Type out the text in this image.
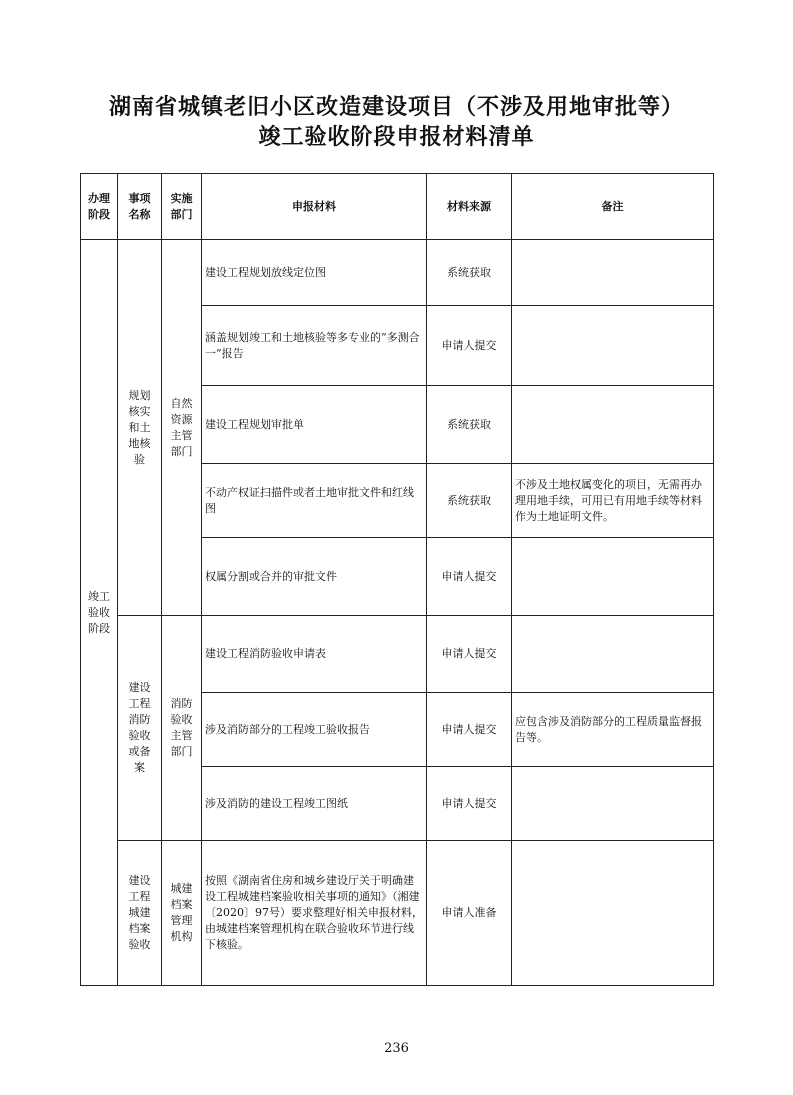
湖南省城镇老旧小区改造建设项目（不涉及用地审批等）
竣工验收阶段申报材料清单
办理阶段	事项名称	实施部门	申报材料	材料来源	备注
竣工验收阶段	规划核实和土地核验	自然资源主管部门	建设工程规划放线定位图	系统获取	
			涵盖规划竣工和土地核验等多专业的“多测合一”报告	申请人提交	
			建设工程规划审批单	系统获取	
			不动产权证扫描件或者土地审批文件和红线图	系统获取	不涉及土地权属变化的项目，无需再办理用地手续，可用已有用地手续等材料作为土地证明文件。
			权属分割或合并的审批文件	申请人提交	
	建设工程消防验收或备案	消防验收主管部门	建设工程消防验收申请表	申请人提交	
			涉及消防部分的工程竣工验收报告	申请人提交	应包含涉及消防部分的工程质量监督报告等。
			涉及消防的建设工程竣工图纸	申请人提交	
	建设工程城建档案验收	城建档案管理机构	按照《湖南省住房和城乡建设厅关于明确建设工程城建档案验收相关事项的通知》（湘建〔2020〕97号）要求整理好相关申报材料，由城建档案管理机构在联合验收环节进行线下核验。	申请人准备	
236
